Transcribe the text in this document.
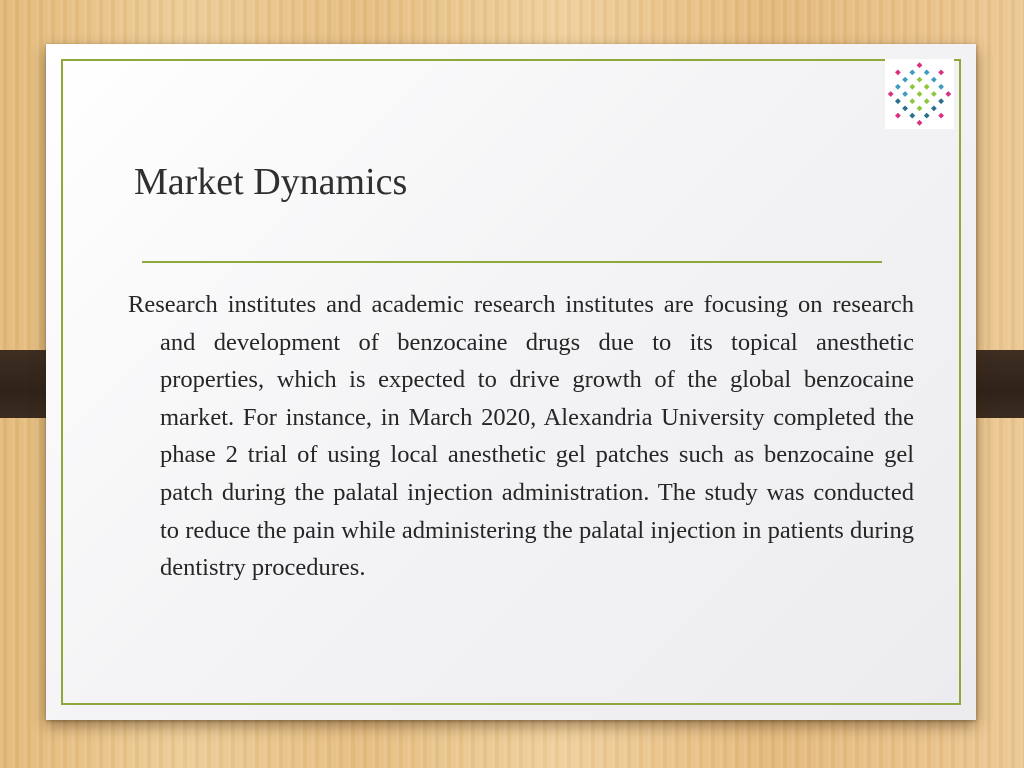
Market Dynamics

Research institutes and academic research institutes are focusing on research and development of benzocaine drugs due to its topical anesthetic properties, which is expected to drive growth of the global benzocaine market. For instance, in March 2020, Alexandria University completed the phase 2 trial of using local anesthetic gel patches such as benzocaine gel patch during the palatal injection administration. The study was conducted to reduce the pain while administering the palatal injection in patients during dentistry procedures.
